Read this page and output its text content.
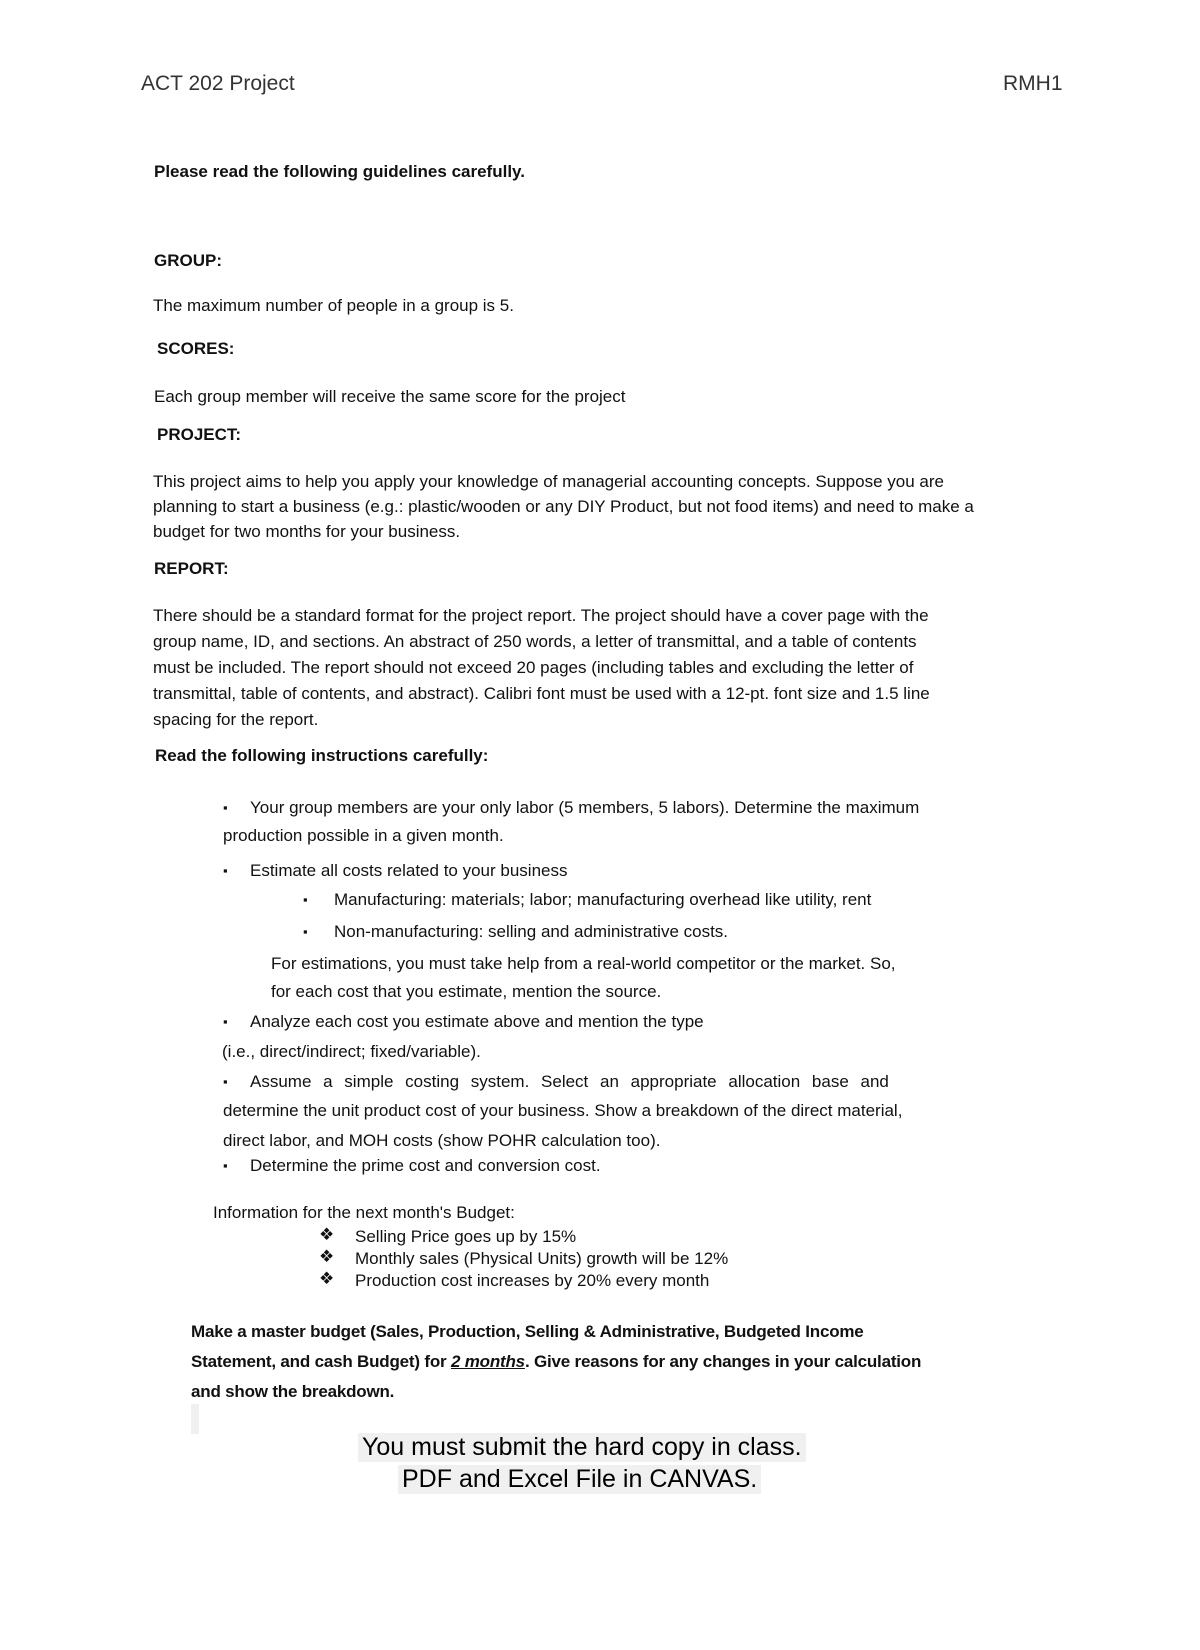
ACT 202 Project	RMH1
Please read the following guidelines carefully.
GROUP:
The maximum number of people in a group is 5.
SCORES:
Each group member will receive the same score for the project
PROJECT:
This project aims to help you apply your knowledge of managerial accounting concepts. Suppose you are
planning to start a business (e.g.: plastic/wooden or any DIY Product, but not food items) and need to make a
budget for two months for your business.
REPORT:
There should be a standard format for the project report. The project should have a cover page with the
group name, ID, and sections. An abstract of 250 words, a letter of transmittal, and a table of contents
must be included. The report should not exceed 20 pages (including tables and excluding the letter of
transmittal, table of contents, and abstract). Calibri font must be used with a 12-pt. font size and 1.5 line
spacing for the report.
Read the following instructions carefully:
▪ Your group members are your only labor (5 members, 5 labors). Determine the maximum
production possible in a given month.
▪ Estimate all costs related to your business
▪ Manufacturing: materials; labor; manufacturing overhead like utility, rent
▪ Non-manufacturing: selling and administrative costs.
For estimations, you must take help from a real-world competitor or the market. So,
for each cost that you estimate, mention the source.
▪ Analyze each cost you estimate above and mention the type
(i.e., direct/indirect; fixed/variable).
▪ Assume a simple costing system. Select an appropriate allocation base and
determine the unit product cost of your business. Show a breakdown of the direct material,
direct labor, and MOH costs (show POHR calculation too).
▪ Determine the prime cost and conversion cost.
Information for the next month's Budget:
❖ Selling Price goes up by 15%
❖ Monthly sales (Physical Units) growth will be 12%
❖ Production cost increases by 20% every month
Make a master budget (Sales, Production, Selling & Administrative, Budgeted Income
Statement, and cash Budget) for 2 months. Give reasons for any changes in your calculation
and show the breakdown.
You must submit the hard copy in class.
PDF and Excel File in CANVAS.
